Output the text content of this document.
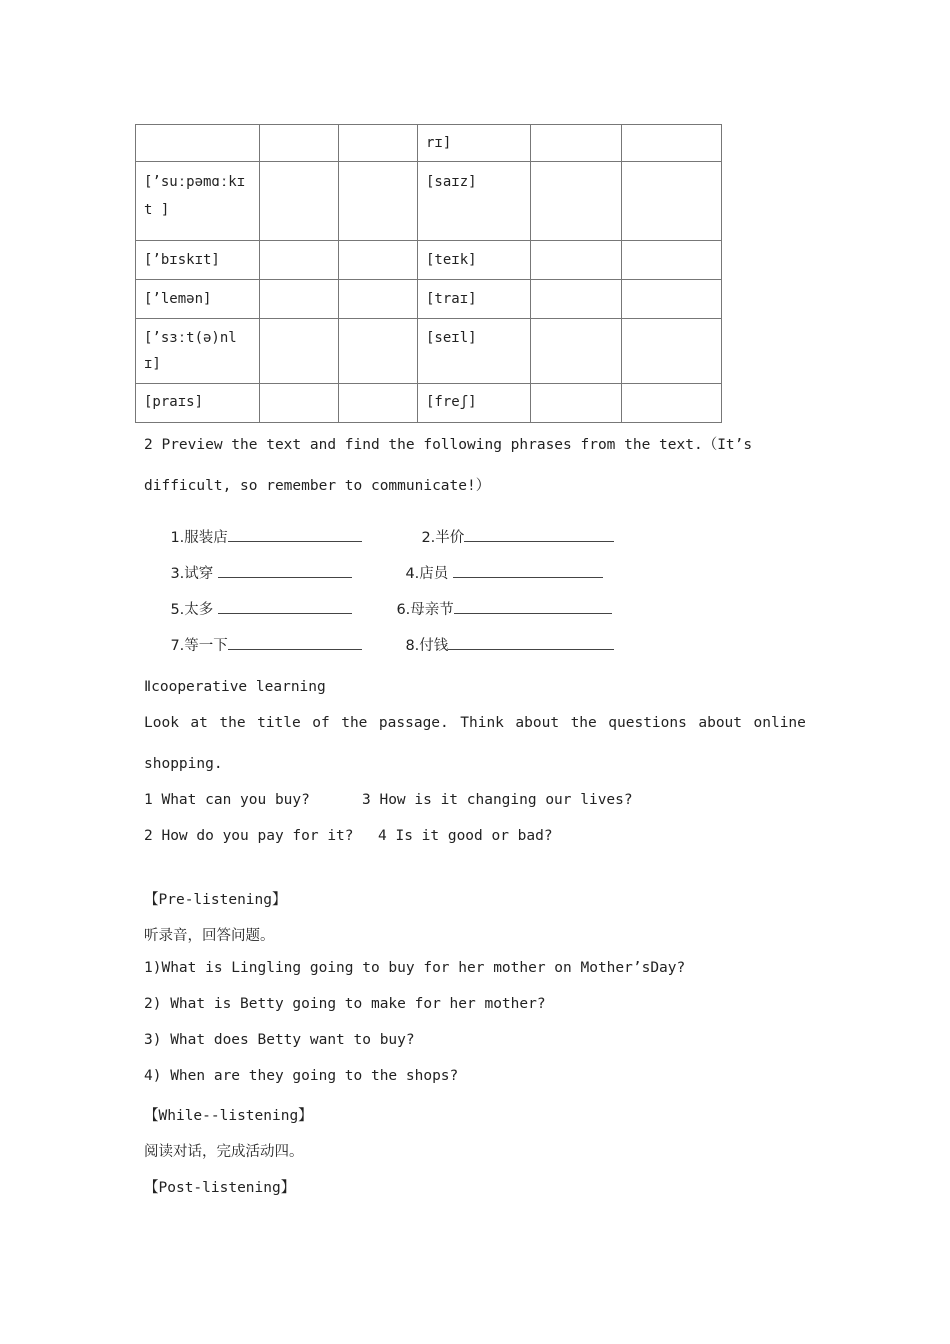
			rɪ]		
[’suːpəmɑːkɪt ]			[saɪz]		
[’bɪskɪt]			[teɪk]		
[’lemən]			[traɪ]		
[’sɜːt(ə)nlɪ]			[seɪl]		
[praɪs]			[freʃ]		
2 Preview the text and find the following phrases from the text.（It’s
difficult, so remember to communicate!）

1.服装店
	2.半价

3.试穿
	4.店员

5.太多
	6.母亲节

7.等一下
	8.付钱

Ⅱcooperative learning
Look at the title of the passage. Think about the questions about online
shopping.
1 What can you buy?	3 How is it changing our lives?
2 How do you pay for it? 4 Is it good or bad?
【Pre-listening】
听录音，回答问题。
1)What is Lingling going to buy for her mother on Mother’sDay?
2) What is Betty going to make for her mother?
3) What does Betty want to buy?
4) When are they going to the shops?
【While--listening】
阅读对话，完成活动四。
【Post-listening】
